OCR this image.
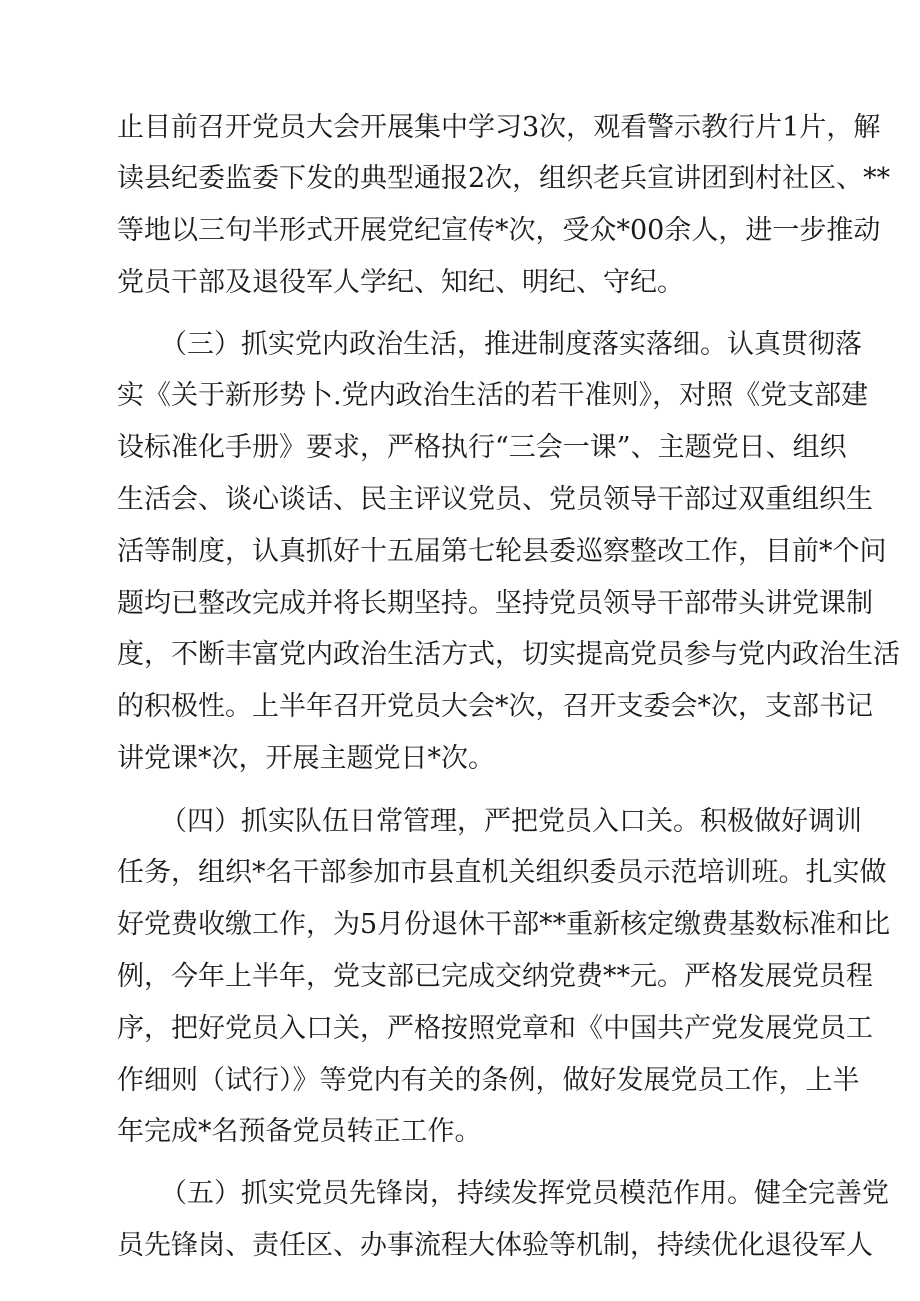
止目前召开党员大会开展集中学习3次，观看警示教行片1片，解
读县纪委监委下发的典型通报2次，组织老兵宣讲团到村社区、**
等地以三句半形式开展党纪宣传*次，受众*00余人，进一步推动
党员干部及退役军人学纪、知纪、明纪、守纪。
（三）抓实党内政治生活，推进制度落实落细。认真贯彻落
实《关于新形势卜.党内政治生活的若干准则》，对照《党支部建
设标准化手册》要求，严格执行“三会一课”、主题党日、组织
生活会、谈心谈话、民主评议党员、党员领导干部过双重组织生
活等制度，认真抓好十五届第七轮县委巡察整改工作，目前*个问
题均已整改完成并将长期坚持。坚持党员领导干部带头讲党课制
度，不断丰富党内政治生活方式，切实提高党员参与党内政治生活
的积极性。上半年召开党员大会*次，召开支委会*次，支部书记
讲党课*次，开展主题党日*次。
（四）抓实队伍日常管理，严把党员入口关。积极做好调训
任务，组织*名干部参加市县直机关组织委员示范培训班。扎实做
好党费收缴工作，为5月份退休干部**重新核定缴费基数标准和比
例，今年上半年，党支部已完成交纳党费**元。严格发展党员程
序，把好党员入口关，严格按照党章和《中国共产党发展党员工
作细则（试行）》等党内有关的条例，做好发展党员工作，上半
年完成*名预备党员转正工作。
（五）抓实党员先锋岗，持续发挥党员模范作用。健全完善党
员先锋岗、责任区、办事流程大体验等机制，持续优化退役军人
